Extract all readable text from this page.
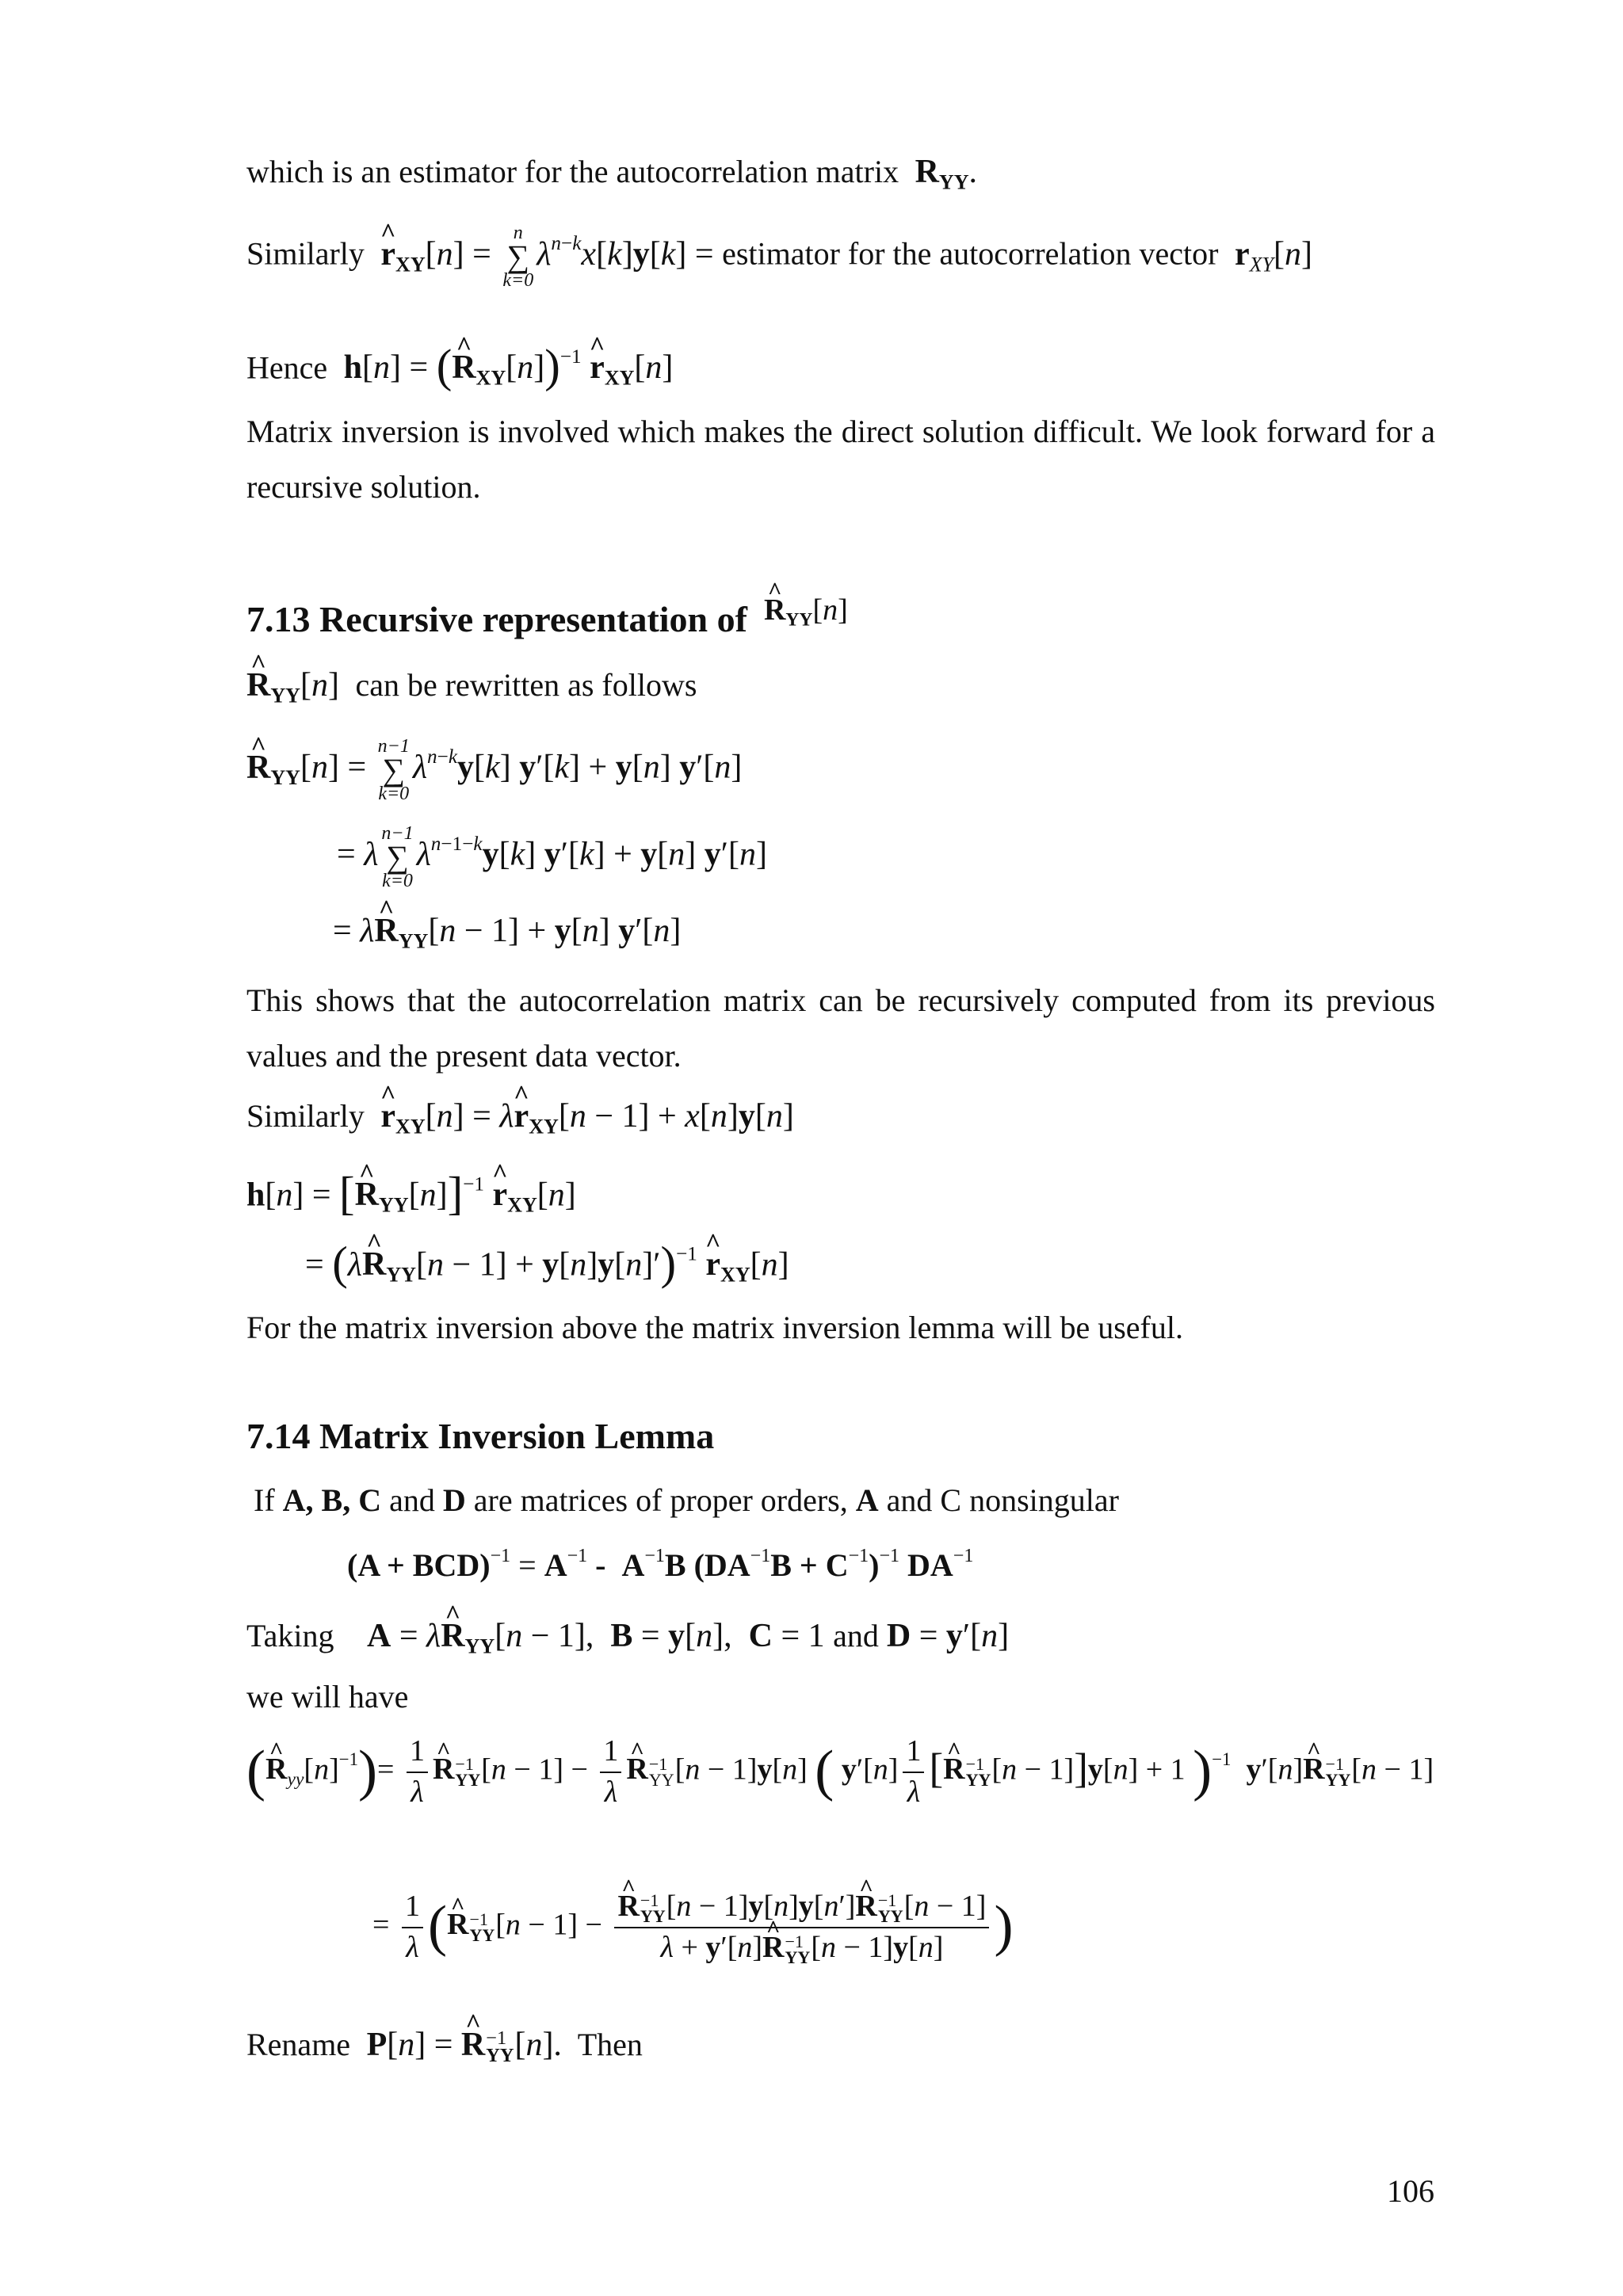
which is an estimator for the autocorrelation matrix $R_{YY}$.
Similarly ^ $r_{XY}[n]$ =
n
∑
k=0
$\lambda^{n-k}x[k]y[k]$ = estimator for the autocorrelation vector rXY[n]
Hence h[n] = (^ $R_{XY}[n])^{-1}$ ^ $r_{XY}[n]$
Matrix inversion is involved which makes the direct solution difficult. We look forward for a recursive solution.
7.13 Recursive representation of ^ $^{R_{YY}[n]}$
^ $R_{YY}[n]$  can be rewritten as follows
^ $R_{YY}[n]$ =
n−1
∑
k=0
$\lambda^{n-k}y[k] y'[k] + y[n]$ y′[n]
= λ
n−1
∑
k=0
$\lambda^{n-1-k}y[k] y'[k] + y[n]$ y′[n]
= λ^ $R_{YY}[n - 1] + y[n]$ y′[n]
This shows that the autocorrelation matrix can be recursively computed from its previous values and the present data vector.
Similarly ^ $r_{XY}[n]$ = λ^ $r_{XY}[n - 1] + x[n]y[n]$
h[n] = [^ $R_{YY}[n]]^{-1}$ ^ $r_{XY}[n]$
= (λ^ $R_{YY}[n - 1] + y[n]y[n]')^{-1}$ ^ $r_{XY}[n]$
For the matrix inversion above the matrix inversion lemma will be useful.
7.14 Matrix Inversion Lemma
If A, B, C and D are matrices of proper orders, A and C nonsingular
$(A + BCD)^{-1} = A^{-1} - A^{-1}B$ $(DA^{-1}B + C^{-1})^{-1}$ $DA^{-1}$
Taking A = λ^ $R_{YY}[n - 1]$,  B = y[n],  C = 1 and D = y′[n]
we will have
(^ $Ryy[n]^{-1})= \frac{1}{\lambda}$ ^ R −1
YY $[n - 1] - \frac{1}{\lambda}$ ^ R −1
YY [n − 1]y[n] ( $y'[n] \frac{1}{\lambda}$ [^ R −1
YY [n − 1]]y[n] + 1 )$^{-1}$ y′[n]^ R −1
YY [n − 1]
= $\frac{1}{\lambda}$ (^ R −1
YY [n − 1] − ^ R −1
YY [n − 1]y[n]y[n′]^ R −1
YY [n − 1]
λ + y′[n]^ R −1
YY [n − 1]y[n] )
Rename P[n] = ^ R −1
YY [n].  Then
106
